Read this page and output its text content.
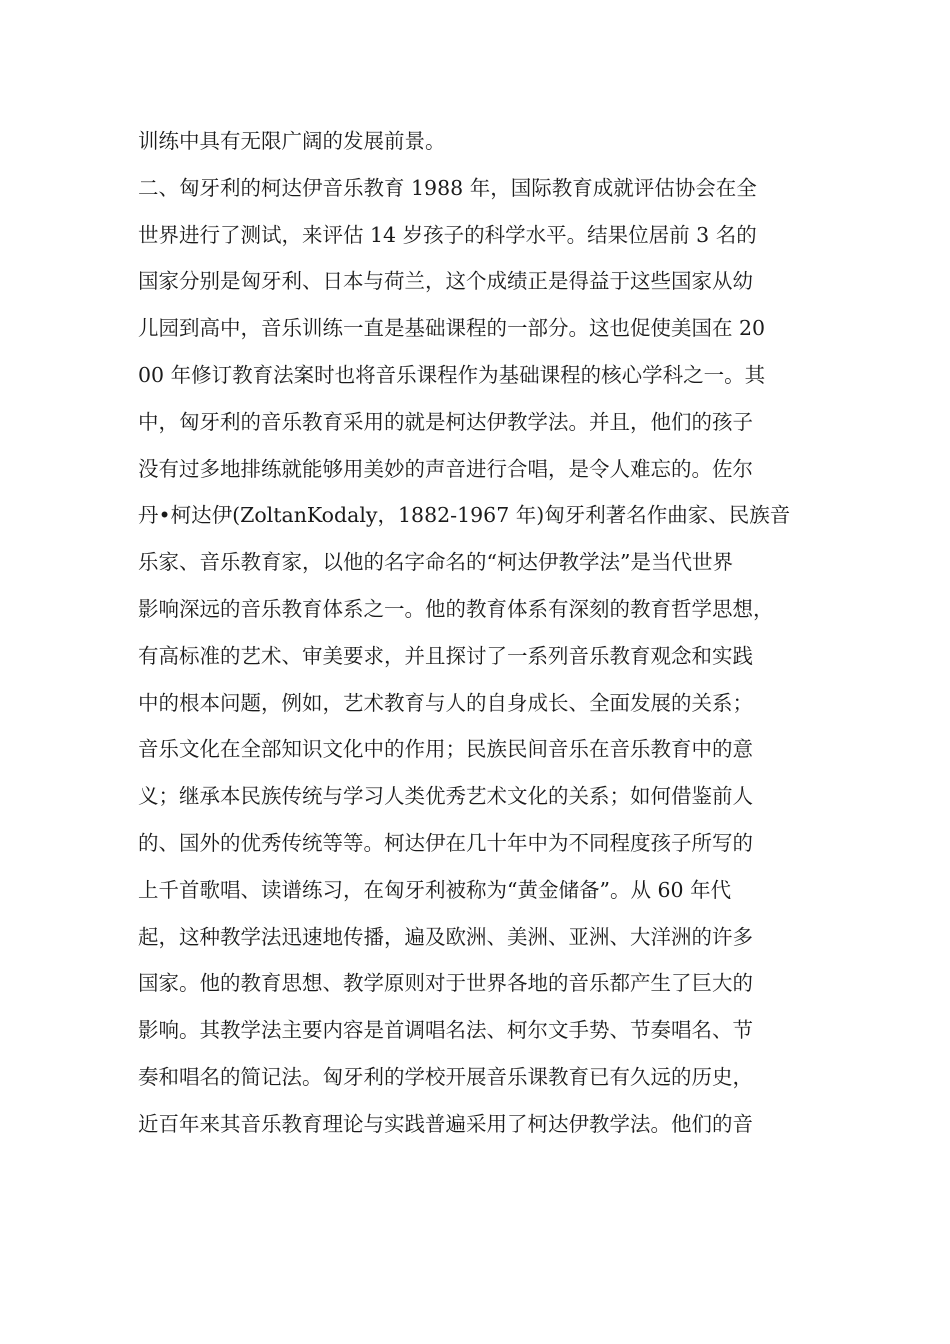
训练中具有无限广阔的发展前景。
二、匈牙利的柯达伊音乐教育 1988 年，国际教育成就评估协会在全
世界进行了测试，来评估 14 岁孩子的科学水平。结果位居前 3 名的
国家分别是匈牙利、日本与荷兰，这个成绩正是得益于这些国家从幼
儿园到高中，音乐训练一直是基础课程的一部分。这也促使美国在 20
00 年修订教育法案时也将音乐课程作为基础课程的核心学科之一。其
中，匈牙利的音乐教育采用的就是柯达伊教学法。并且，他们的孩子
没有过多地排练就能够用美妙的声音进行合唱，是令人难忘的。佐尔
丹•柯达伊(ZoltanKodaly，1882-1967 年)匈牙利著名作曲家、民族音
乐家、音乐教育家，以他的名字命名的“柯达伊教学法”是当代世界
影响深远的音乐教育体系之一。他的教育体系有深刻的教育哲学思想，
有高标准的艺术、审美要求，并且探讨了一系列音乐教育观念和实践
中的根本问题，例如，艺术教育与人的自身成长、全面发展的关系；
音乐文化在全部知识文化中的作用；民族民间音乐在音乐教育中的意
义；继承本民族传统与学习人类优秀艺术文化的关系；如何借鉴前人
的、国外的优秀传统等等。柯达伊在几十年中为不同程度孩子所写的
上千首歌唱、读谱练习，在匈牙利被称为“黄金储备”。从 60 年代
起，这种教学法迅速地传播，遍及欧洲、美洲、亚洲、大洋洲的许多
国家。他的教育思想、教学原则对于世界各地的音乐都产生了巨大的
影响。其教学法主要内容是首调唱名法、柯尔文手势、节奏唱名、节
奏和唱名的简记法。匈牙利的学校开展音乐课教育已有久远的历史，
近百年来其音乐教育理论与实践普遍采用了柯达伊教学法。他们的音
